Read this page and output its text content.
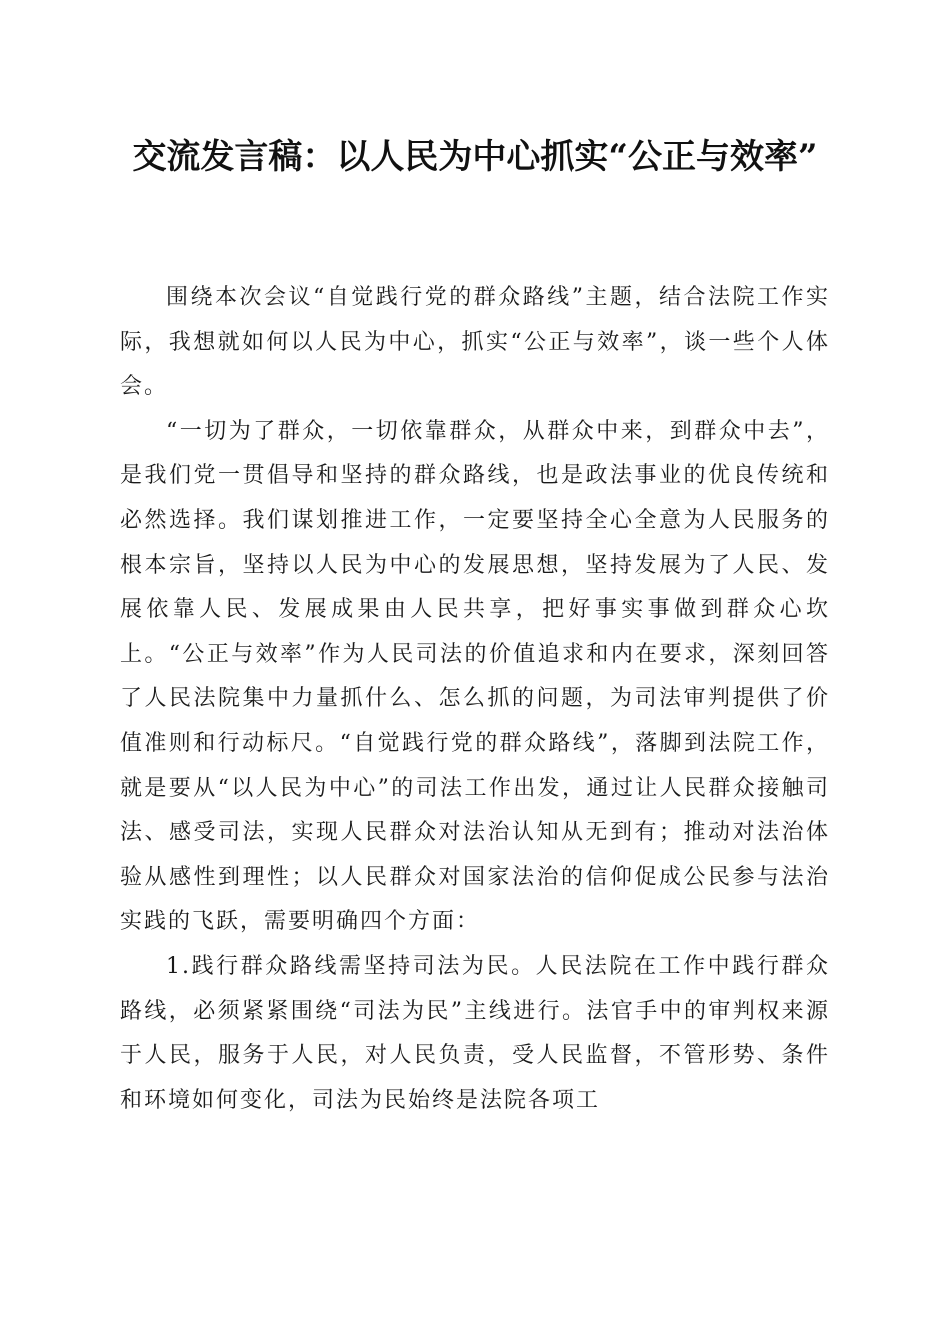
交流发言稿：以人民为中心抓实“公正与效率”

围绕本次会议“自觉践行党的群众路线”主题，结合法院工作实际，我想就如何以人民为中心，抓实“公正与效率”，谈一些个人体会。

“一切为了群众，一切依靠群众，从群众中来，到群众中去”，是我们党一贯倡导和坚持的群众路线，也是政法事业的优良传统和必然选择。我们谋划推进工作，一定要坚持全心全意为人民服务的根本宗旨，坚持以人民为中心的发展思想，坚持发展为了人民、发展依靠人民、发展成果由人民共享，把好事实事做到群众心坎上。“公正与效率”作为人民司法的价值追求和内在要求，深刻回答了人民法院集中力量抓什么、怎么抓的问题，为司法审判提供了价值准则和行动标尺。“自觉践行党的群众路线”，落脚到法院工作，就是要从“以人民为中心”的司法工作出发，通过让人民群众接触司法、感受司法，实现人民群众对法治认知从无到有；推动对法治体验从感性到理性；以人民群众对国家法治的信仰促成公民参与法治实践的飞跃，需要明确四个方面：

1.践行群众路线需坚持司法为民。人民法院在工作中践行群众路线，必须紧紧围绕“司法为民”主线进行。法官手中的审判权来源于人民，服务于人民，对人民负责，受人民监督，不管形势、条件和环境如何变化，司法为民始终是法院各项工
